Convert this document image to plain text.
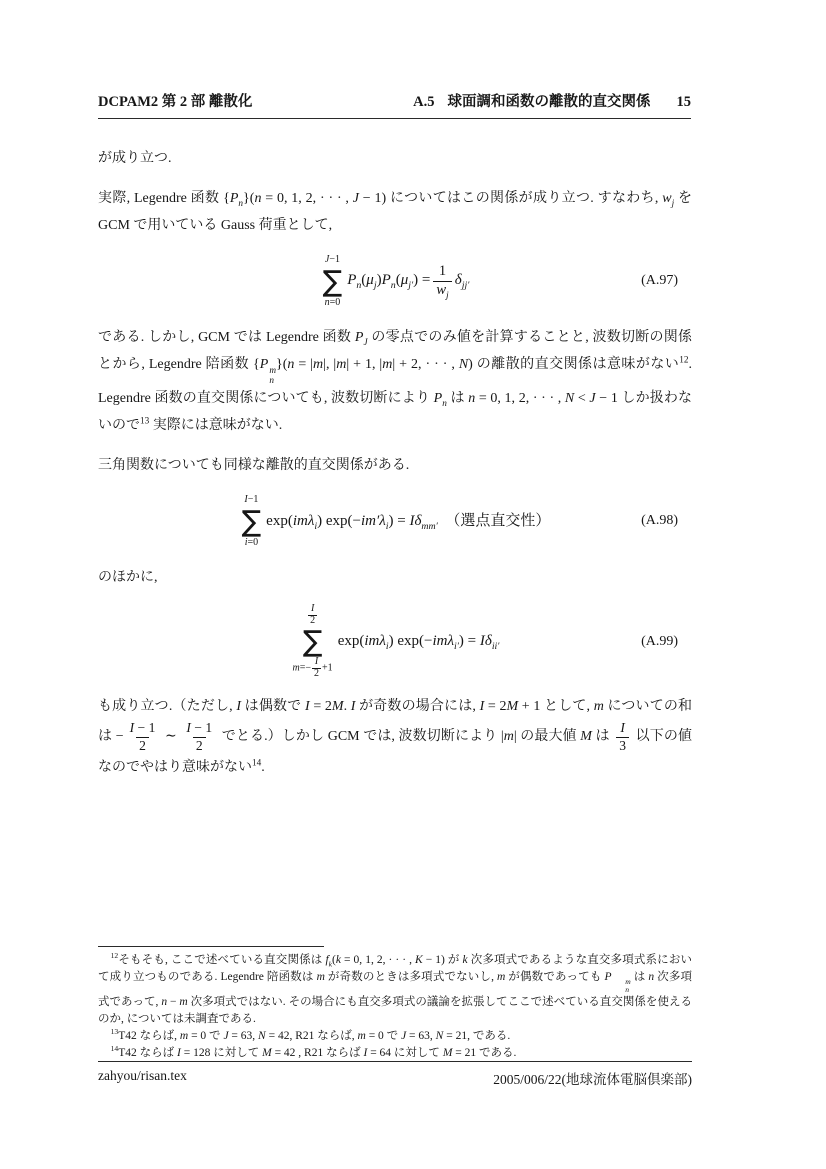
DCPAM2 第 2 部 離散化	A.5 球面調和函数の離散的直交関係 15

が成り立つ.

実際, Legendre 函数 $\{P_n\}(n = 0$, 1, 2, · · · , J − 1) についてはこの関係が成り立つ. すなわち, $w_j$ を GCM で用いている Gauss 荷重として,

J−1
∑
n=0
$P_n(\mu_j)P_n(\mu_{j'}) = \frac{1}{w_j} \delta_{jj'}$	(A.97)

である. しかし, GCM では Legendre 函数 $P_J$ の零点でのみ値を計算することと, 波数切断の関係とから, Legendre 陪函数 {P m
n
}(n = |m|, |m| + 1, |m| + 2, · · · , N) の離散的直交関係は意味がない$^{12}$.　Legendre 函数の直交関係についても, 波数切断により $P_n$ は n = 0, 1, 2, · · · , N < J − 1 しか扱わないので$^{13}$ 実際には意味がない.

三角関数についても同様な離散的直交関係がある.

I−1
∑
i=0
exp(imλ$_i$) $\exp(-im'\lambda_i) = I\delta_{mm'}$　（選点直交性）	(A.98)

のほかに,

$\frac{I}{2}$
∑
$m=- \frac{I}{2} +1$
exp(imλ$_i$) $\exp(-im\lambda_{i'}) = I\delta_{ii'}$	(A.99)

も成り立つ.（ただし, I は偶数で I = 2M. I が奇数の場合には, I = 2M + 1 として, m についての和は − $\frac{I - 1}{2}$ ∼ $\frac{I - 1}{2}$ でとる.）しかし GCM では, 波数切断により |m| の最大値 M は $\frac{I}{3}$ 以下の値なのでやはり意味がない$^{14}$.

$^{12}$そもそも, ここで述べている直交関係は $f_k(k = 0$, 1, 2, · · · , K − 1) が k 次多項式であるような直交多項式系において成り立つものである. Legendre 陪函数は m が奇数のときは多項式でないし, m が偶数であっても P	m
n
は n 次多項式であって, n − m 次多項式ではない. その場合にも直交多項式の議論を拡張してここで述べている直交関係を使えるのか, については未調査である.

$^{13}$T42 ならば, m = 0 で J = 63, N = 42, R21 ならば, m = 0 で J = 63, N = 21, である.

$^{14}$T42 ならば I = 128 に対して M = 42 , R21 ならば I = 64 に対して M = 21 である.

zahyou/risan.tex	2005/006/22(地球流体電脳倶楽部)
